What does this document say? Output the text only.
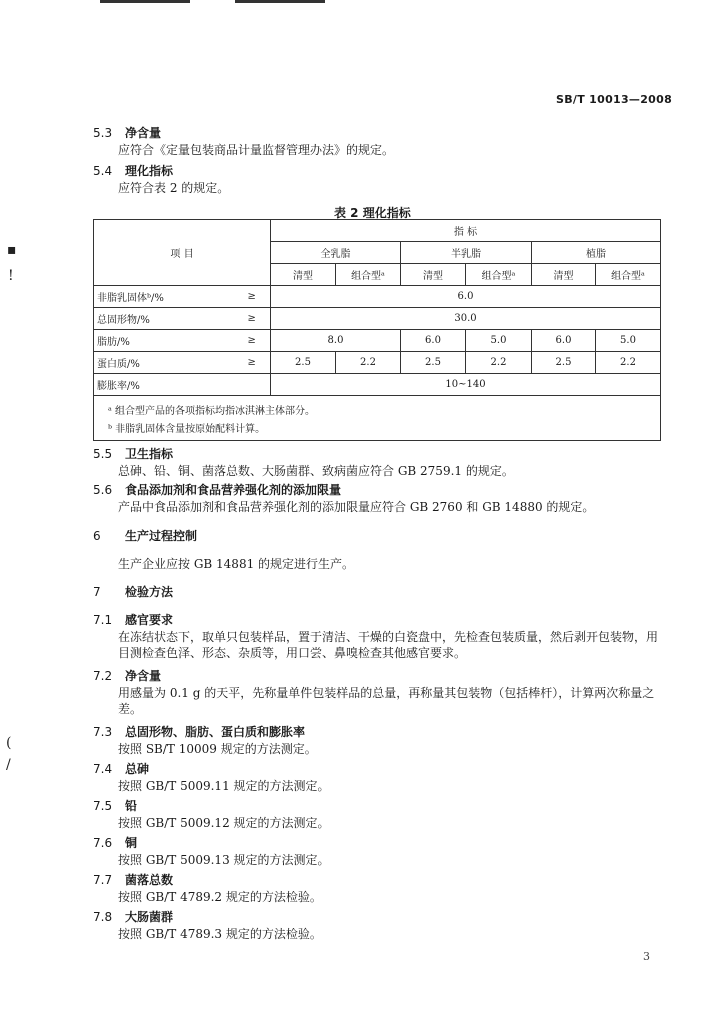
▪
!
(
/
SB/T 10013—2008
5.3 净含量
应符合《定量包装商品计量监督管理办法》的规定。
5.4 理化指标
应符合表 2 的规定。
表 2 理化指标
项 目		指 标					
		全乳脂		半乳脂		植脂	
		清型	组合型ᵃ	清型	组合型ᵃ	清型	组合型ᵃ
非脂乳固体ᵇ/%	≥	6.0					
总固形物/%	≥	30.0					
脂肪/%	≥	8.0		6.0	5.0	6.0	5.0
蛋白质/%	≥	2.5	2.2	2.5	2.2	2.5	2.2
膨胀率/%		10~140					
ᵃ 组合型产品的各项指标均指冰淇淋主体部分。							
ᵇ 非脂乳固体含量按原始配料计算。							
5.5 卫生指标
总砷、铅、铜、菌落总数、大肠菌群、致病菌应符合 GB 2759.1 的规定。
5.6 食品添加剂和食品营养强化剂的添加限量
产品中食品添加剂和食品营养强化剂的添加限量应符合 GB 2760 和 GB 14880 的规定。
6 生产过程控制
生产企业应按 GB 14881 的规定进行生产。
7 检验方法
7.1 感官要求
在冻结状态下，取单只包装样品，置于清洁、干燥的白瓷盘中，先检查包装质量，然后剥开包装物，用目测检查色泽、形态、杂质等，用口尝、鼻嗅检查其他感官要求。
7.2 净含量
用感量为 0.1 g 的天平，先称量单件包装样品的总量，再称量其包装物（包括棒杆），计算两次称量之差。
7.3 总固形物、脂肪、蛋白质和膨胀率
按照 SB/T 10009 规定的方法测定。
7.4 总砷
按照 GB/T 5009.11 规定的方法测定。
7.5 铅
按照 GB/T 5009.12 规定的方法测定。
7.6 铜
按照 GB/T 5009.13 规定的方法测定。
7.7 菌落总数
按照 GB/T 4789.2 规定的方法检验。
7.8 大肠菌群
按照 GB/T 4789.3 规定的方法检验。
3
